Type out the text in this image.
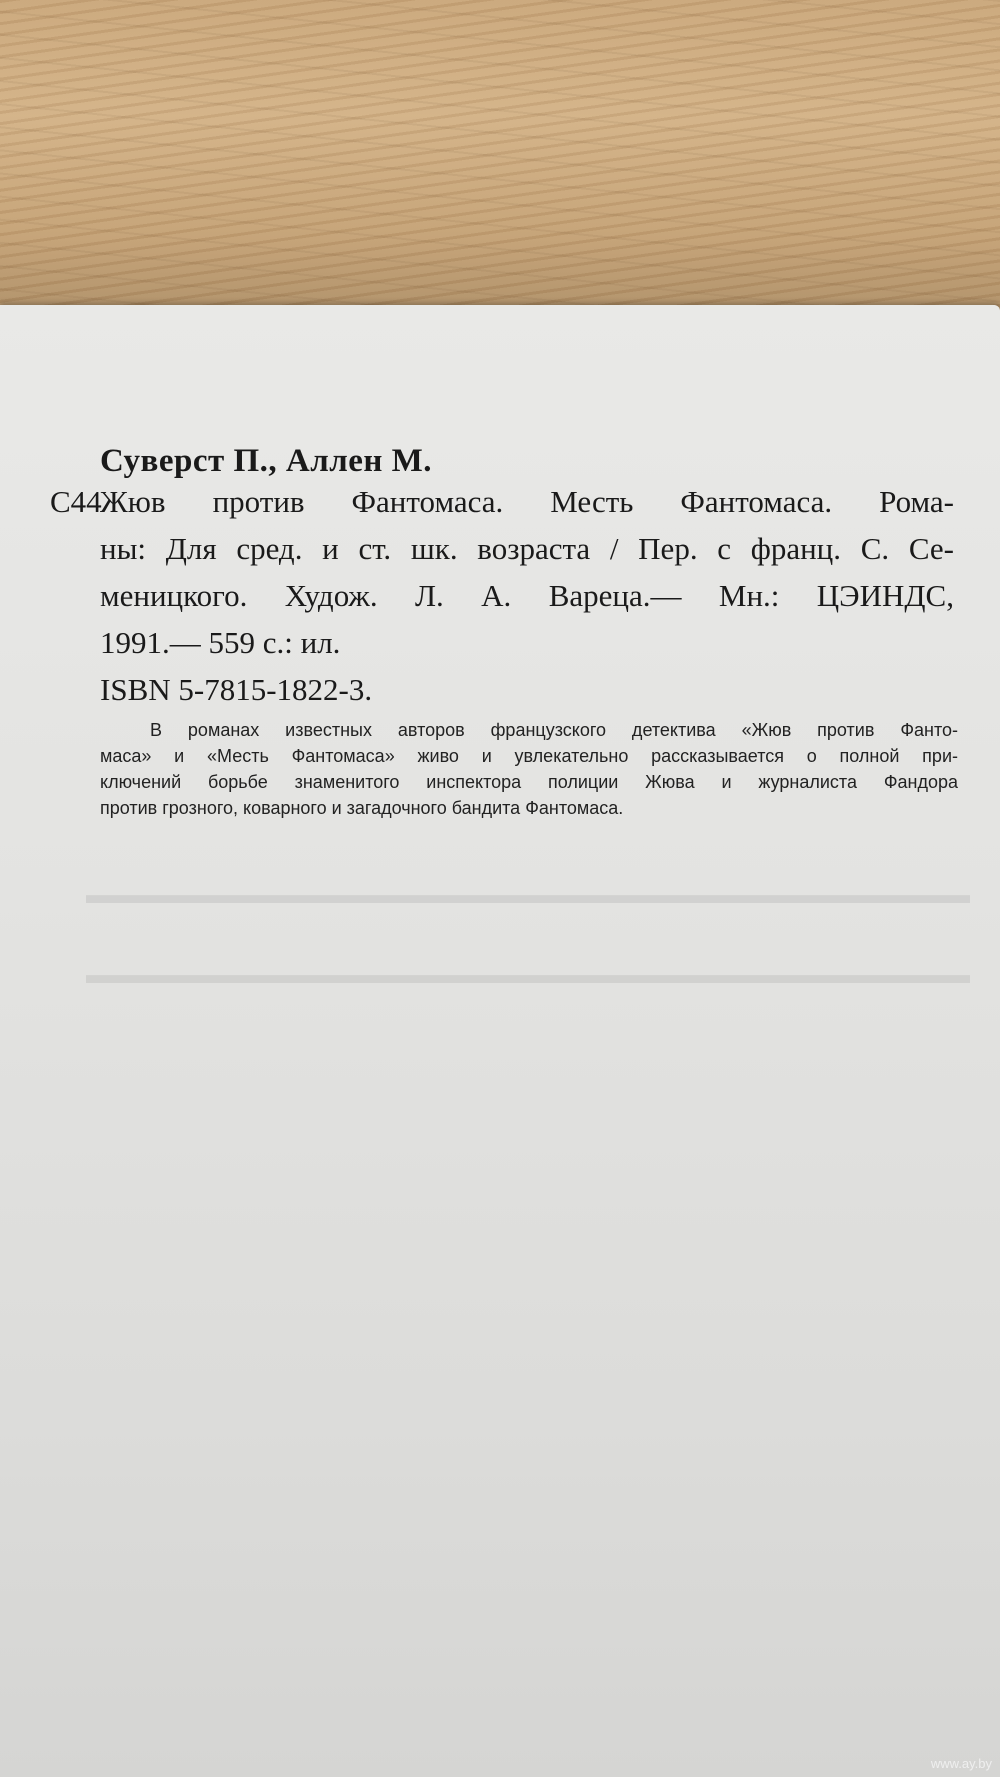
▬▬▬▬▬▬▬▬▬▬▬▬▬▬▬▬▬▬▬▬▬▬▬▬▬▬▬▬▬▬▬▬▬▬
▬▬▬▬▬▬▬▬▬▬▬▬▬▬▬▬▬▬▬▬▬▬▬▬▬▬▬▬▬▬▬▬▬▬
Суверст П., Аллен М.
С44
Жюв против Фантомаса. Месть Фантомаса. Рома-
ны: Для сред. и ст. шк. возраста / Пер. с франц. С. Се-
меницкого. Худож. Л. А. Вареца.— Мн.: ЦЭИНДС,
1991.— 559 с.: ил.
ISBN 5-7815-1822-3.
В романах известных авторов французского детектива «Жюв против Фанто-
маса» и «Месть Фантомаса» живо и увлекательно рассказывается о полной при-
ключений борьбе знаменитого инспектора полиции Жюва и журналиста Фандора
против грозного, коварного и загадочного бандита Фантомаса.
www.ay.by
